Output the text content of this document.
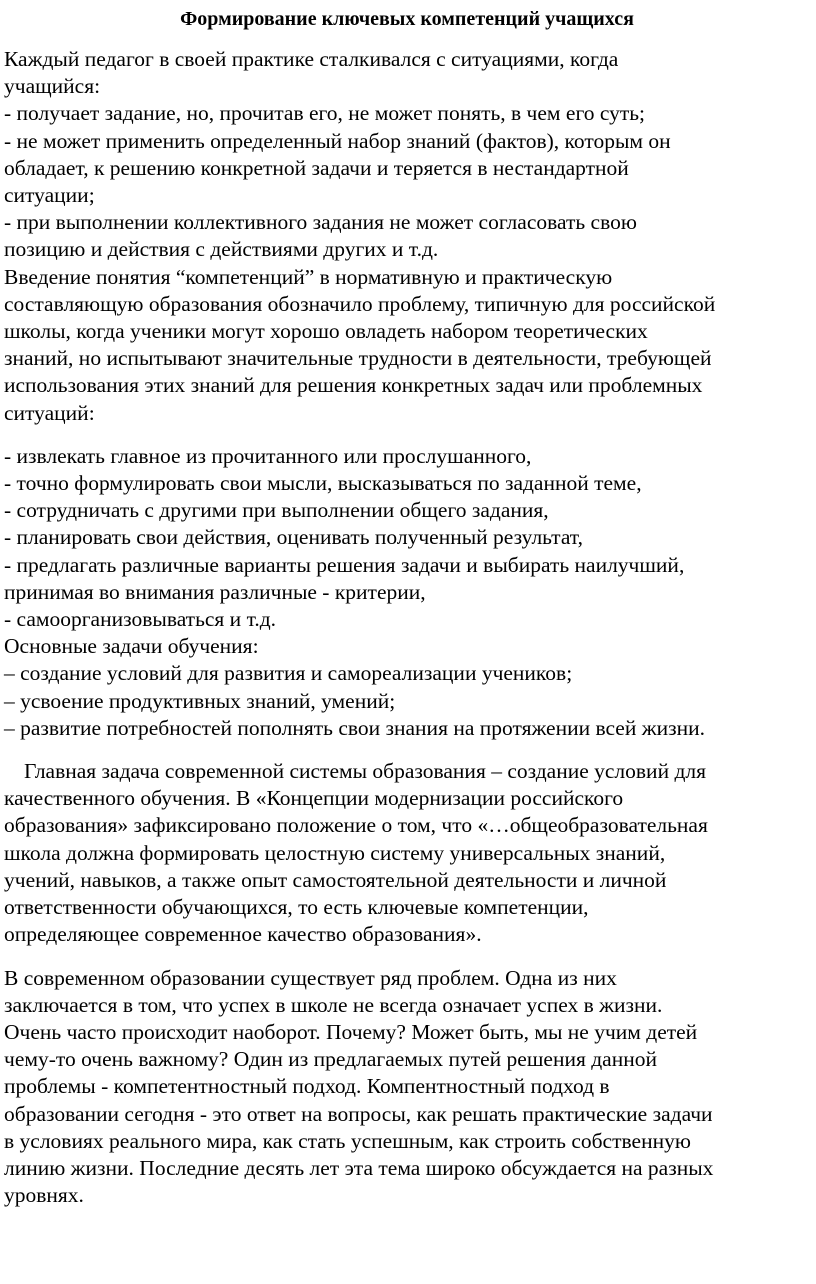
Формирование ключевых компетенций учащихся
Каждый педагог в своей практике сталкивался с ситуациями, когда
учащийся:
- получает задание, но, прочитав его, не может понять, в чем его суть;
- не может применить определенный набор знаний (фактов), которым он
обладает, к решению конкретной задачи и теряется в нестандартной
ситуации;
- при выполнении коллективного задания не может согласовать свою
позицию и действия с действиями других и т.д.
Введение понятия “компетенций” в нормативную и практическую
составляющую образования обозначило проблему, типичную для российской
школы, когда ученики могут хорошо овладеть набором теоретических
знаний, но испытывают значительные трудности в деятельности, требующей
использования этих знаний для решения конкретных задач или проблемных
ситуаций:
- извлекать главное из прочитанного или прослушанного,
- точно формулировать свои мысли, высказываться по заданной теме,
- сотрудничать с другими при выполнении общего задания,
- планировать свои действия, оценивать полученный результат,
- предлагать различные варианты решения задачи и выбирать наилучший,
принимая во внимания различные - критерии,
- самоорганизовываться и т.д.
Основные задачи обучения:
– создание условий для развития и самореализации учеников;
– усвоение продуктивных знаний, умений;
– развитие потребностей пополнять свои знания на протяжении всей жизни.
Главная задача современной системы образования – создание условий для
качественного обучения. В «Концепции модернизации российского
образования» зафиксировано положение о том, что «…общеобразовательная
школа должна формировать целостную систему универсальных знаний,
учений, навыков, а также опыт самостоятельной деятельности и личной
ответственности обучающихся, то есть ключевые компетенции,
определяющее современное качество образования».
В современном образовании существует ряд проблем. Одна из них
заключается в том, что успех в школе не всегда означает успех в жизни.
Очень часто происходит наоборот. Почему? Может быть, мы не учим детей
чему-то очень важному? Один из предлагаемых путей решения данной
проблемы - компетентностный подход. Компентностный подход в
образовании сегодня - это ответ на вопросы, как решать практические задачи
в условиях реального мира, как стать успешным, как строить собственную
линию жизни. Последние десять лет эта тема широко обсуждается на разных
уровнях.
